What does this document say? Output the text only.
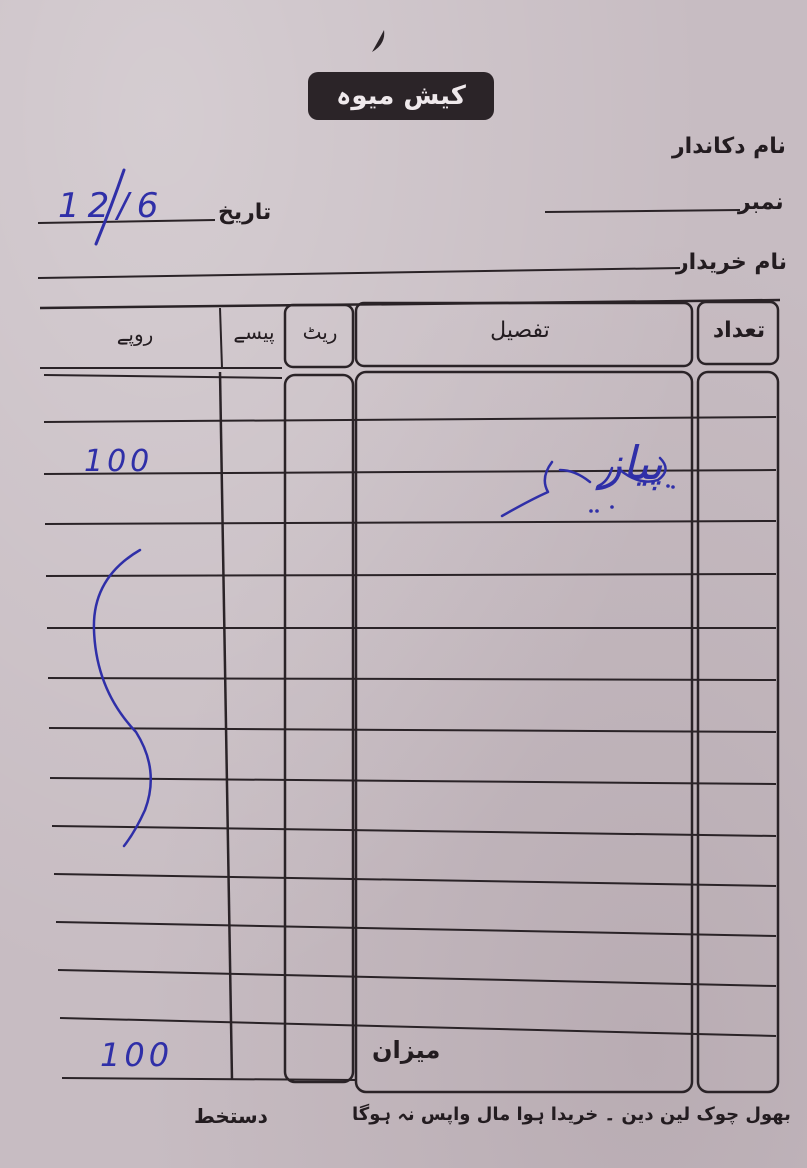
کیش میوہ
نام دکاندار
نمبر
تاریخ
12/6
نام خریدار
تعداد
تفصیل
ریٹ
پیسے
روپے
پیاز
100
میزان
100
بھول چوک لین دین ۔ خریدا ہوا مال واپس نہ ہوگا
دستخط
